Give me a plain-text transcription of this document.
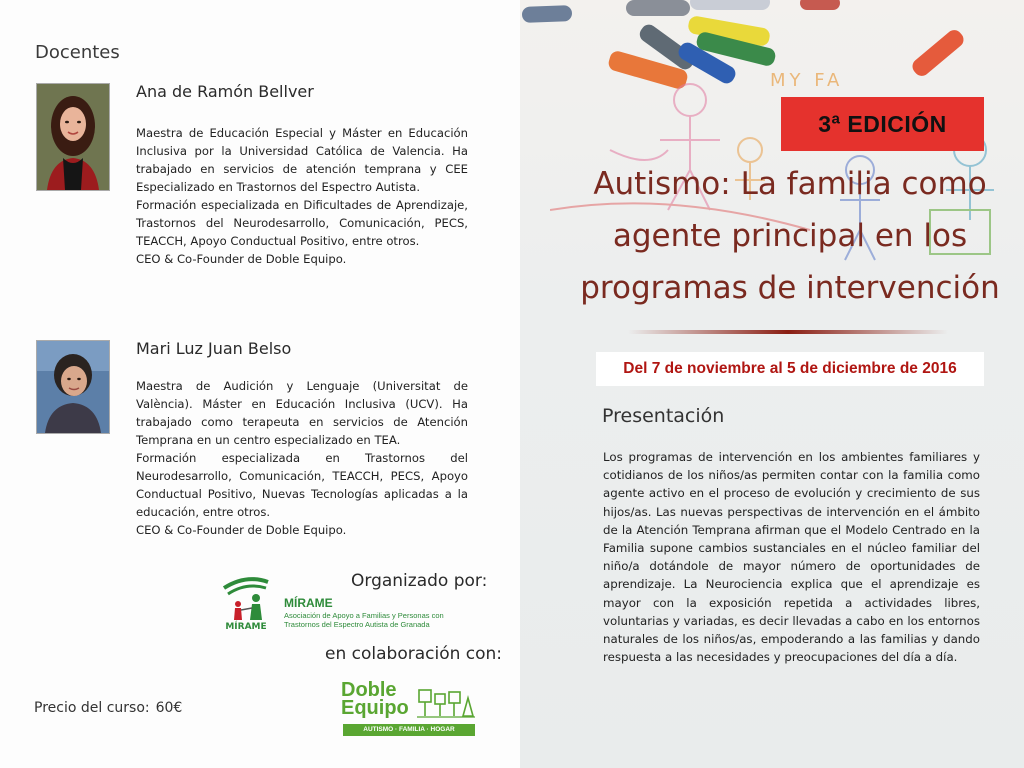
Docentes
Ana de Ramón Bellver

Maestra de Educación Especial y Máster en Educación Inclusiva por la Universidad Católica de Valencia. Ha trabajado en servicios de atención temprana y CEE Especializado en Trastornos del Espectro Autista.

Formación especializada en Dificultades de Aprendizaje, Trastornos del Neurodesarrollo, Comunicación, PECS, TEACCH, Apoyo Conductual Positivo, entre otros.

CEO & Co-Founder de Doble Equipo.

Mari Luz Juan Belso

Maestra de Audición y Lenguaje (Universitat de València). Máster en Educación Inclusiva (UCV). Ha trabajado como terapeuta en servicios de Atención Temprana en un centro especializado en TEA.

Formación especializada en Trastornos del Neurodesarrollo, Comunicación, TEACCH, PECS, Apoyo Conductual Positivo, Nuevas Tecnologías aplicadas a la educación, entre otros.

CEO & Co-Founder de Doble Equipo.

Organizado por:
MÍRAME
MÍRAME
Asociación de Apoyo a Familias y Personas con Trastornos del Espectro Autista de Granada
en colaboración con:
Doble
Equipo
AUTISMO · FAMILIA · HOGAR
Precio del curso: 60€
MY FA
3ª EDICIÓN
Autismo: La familia como
agente principal en los
programas de intervención
Del 7 de noviembre al 5 de diciembre de 2016
Presentación
Los programas de intervención en los ambientes familiares y cotidianos de los niños/as permiten contar con la familia como agente activo en el proceso de evolución y crecimiento de sus hijos/as. Las nuevas perspectivas de intervención en el ámbito de la Atención Temprana afirman que el Modelo Centrado en la Familia supone cambios sustanciales en el núcleo familiar del niño/a dotándole de mayor número de oportunidades de aprendizaje. La Neurociencia explica que el aprendizaje es mayor con la exposición repetida a actividades libres, voluntarias y variadas, es decir llevadas a cabo en los entornos naturales de los niños/as, empoderando a las familias y dando respuesta a las necesidades y preocupaciones del día a día.
